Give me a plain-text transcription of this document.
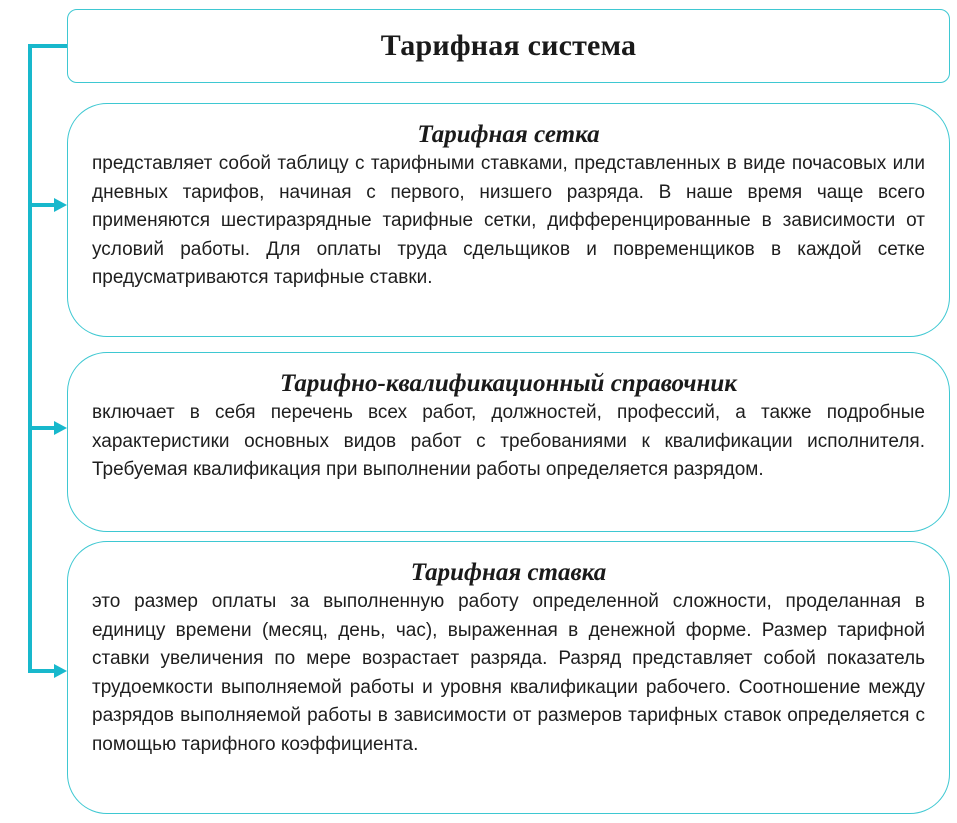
Тарифная система
Тарифная сетка
представляет собой таблицу с тарифными ставками, представленных в виде почасовых или дневных тарифов, начиная с первого, низшего разряда. В наше время чаще всего применяются шестиразрядные тарифные сетки, дифференцированные в зависимости от условий работы. Для оплаты труда сдельщиков и повременщиков в каждой сетке предусматриваются тарифные ставки.
Тарифно-квалификационный справочник
включает в себя перечень всех работ, должностей, профессий, а также подробные характеристики основных видов работ с требованиями к квалификации исполнителя. Требуемая квалификация при выполнении работы определяется разрядом.
Тарифная ставка
это размер оплаты за выполненную работу определенной сложности, проделанная в единицу времени (месяц, день, час), выраженная в денежной форме. Размер тарифной ставки увеличения по мере возрастает разряда. Разряд представляет собой показатель трудоемкости выполняемой работы и уровня квалификации рабочего. Соотношение между разрядов выполняемой работы в зависимости от размеров тарифных ставок определяется с помощью тарифного коэффициента.
